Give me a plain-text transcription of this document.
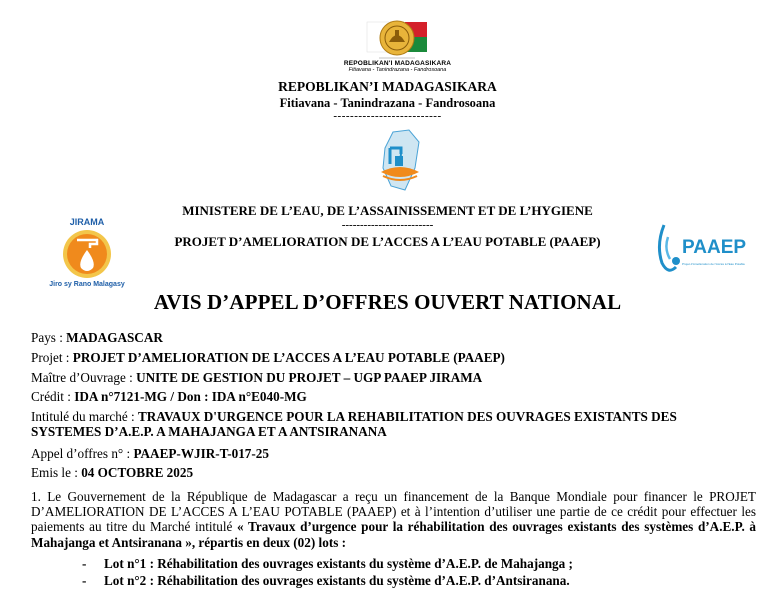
REPOBLIKAN'I MADAGASIKARA
Fitiavana - Tanindrazana - Fandrosoana
REPOBLIKAN’I MADAGASIKARA
Fitiavana - Tanindrazana - Fandrosoana
--------------------------
MINISTERE DE L’EAU, DE L’ASSAINISSEMENT ET DE L’HYGIENE
-------------------------
PROJET D’AMELIORATION DE L’ACCES A L’EAU POTABLE (PAAEP)
JIRAMA
Jiro sy Rano Malagasy
PAAEP
Projet d'Amélioration de l'Accès à l'Eau Potable
AVIS D’APPEL D’OFFRES OUVERT NATIONAL
Pays : MADAGASCAR
Projet : PROJET D’AMELIORATION DE L’ACCES A L’EAU POTABLE (PAAEP)
Maître d’Ouvrage : UNITE DE GESTION DU PROJET – UGP PAAEP JIRAMA
Crédit : IDA n°7121-MG / Don : IDA n°E040-MG
Intitulé du marché : TRAVAUX D'URGENCE POUR LA REHABILITATION DES OUVRAGES EXISTANTS DES
SYSTEMES D’A.E.P. A MAHAJANGA ET A ANTSIRANANA
Appel d’offres n° : PAAEP-WJIR-T-017-25
Emis le : 04 OCTOBRE 2025
1. Le Gouvernement de la République de Madagascar a reçu un financement de la Banque Mondiale pour financer le PROJET D’AMELIORATION DE L’ACCES A L’EAU POTABLE (PAAEP) et à l’intention d’utiliser une partie de ce crédit pour effectuer les paiements au titre du Marché intitulé « Travaux d’urgence pour la réhabilitation des ouvrages existants des systèmes d’A.E.P. à Mahajanga et Antsiranana », répartis en deux (02) lots :
- Lot n°1 : Réhabilitation des ouvrages existants du système d’A.E.P. de Mahajanga ;
- Lot n°2 : Réhabilitation des ouvrages existants du système d’A.E.P. d’Antsiranana.
